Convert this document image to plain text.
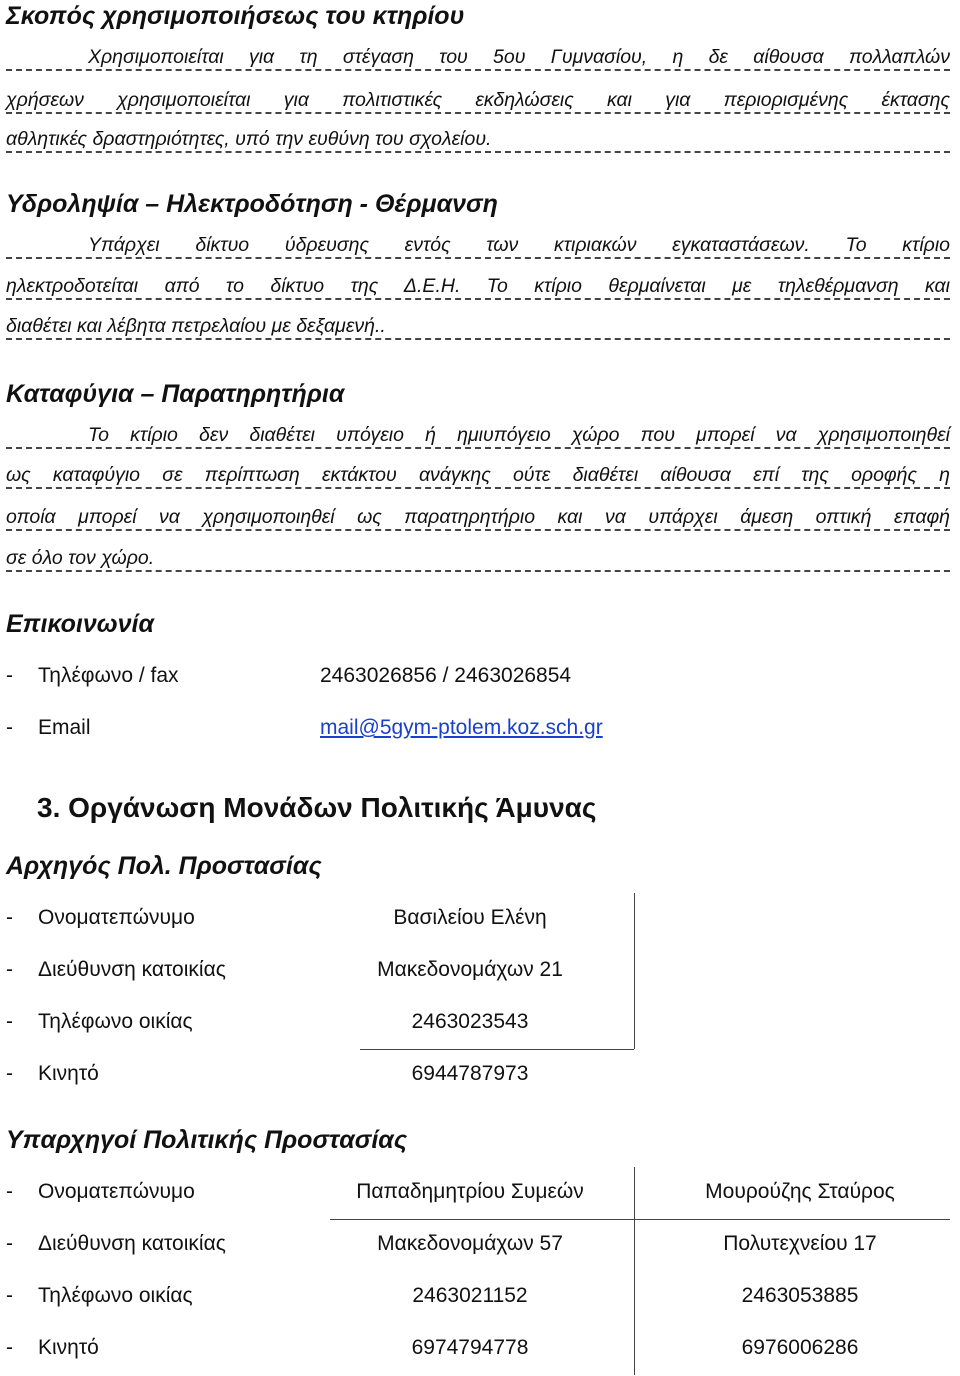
Σκοπός χρησιμοποιήσεως του κτηρίου
Χρησιμοποιείται για τη στέγαση του 5ου Γυμνασίου, η δε αίθουσα πολλαπλών
χρήσεων χρησιμοποιείται για πολιτιστικές εκδηλώσεις και για περιορισμένης έκτασης
αθλητικές δραστηριότητες, υπό την ευθύνη του σχολείου.
Υδροληψία – Ηλεκτροδότηση - Θέρμανση
Υπάρχει δίκτυο ύδρευσης εντός των κτιριακών εγκαταστάσεων. Το κτίριο
ηλεκτροδοτείται από το δίκτυο της Δ.Ε.Η. Το κτίριο θερμαίνεται με τηλεθέρμανση και
διαθέτει και λέβητα πετρελαίου με δεξαμενή..
Καταφύγια – Παρατηρητήρια
Το κτίριο δεν διαθέτει υπόγειο ή ημιυπόγειο χώρο που μπορεί να χρησιμοποιηθεί
ως καταφύγιο σε περίπτωση εκτάκτου ανάγκης ούτε διαθέτει αίθουσα επί της οροφής η
οποία μπορεί να χρησιμοποιηθεί ως παρατηρητήριο και να υπάρχει άμεση οπτική επαφή
σε όλο τον χώρο.
Επικοινωνία
- Τηλέφωνο / fax	2463026856 / 2463026854
- Email	mail@5gym-ptolem.koz.sch.gr
3. Οργάνωση Μονάδων Πολιτικής Άμυνας
Αρχηγός Πολ. Προστασίας
- Ονοματεπώνυμο	Βασιλείου Ελένη
- Διεύθυνση κατοικίας	Μακεδονομάχων 21
- Τηλέφωνο οικίας	2463023543
- Κινητό	6944787973
Υπαρχηγοί Πολιτικής Προστασίας
- Ονοματεπώνυμο	Παπαδημητρίου Συμεών	Μουρούζης Σταύρος
- Διεύθυνση κατοικίας	Μακεδονομάχων 57	Πολυτεχνείου 17
- Τηλέφωνο οικίας	2463021152	2463053885
- Κινητό	6974794778	6976006286
